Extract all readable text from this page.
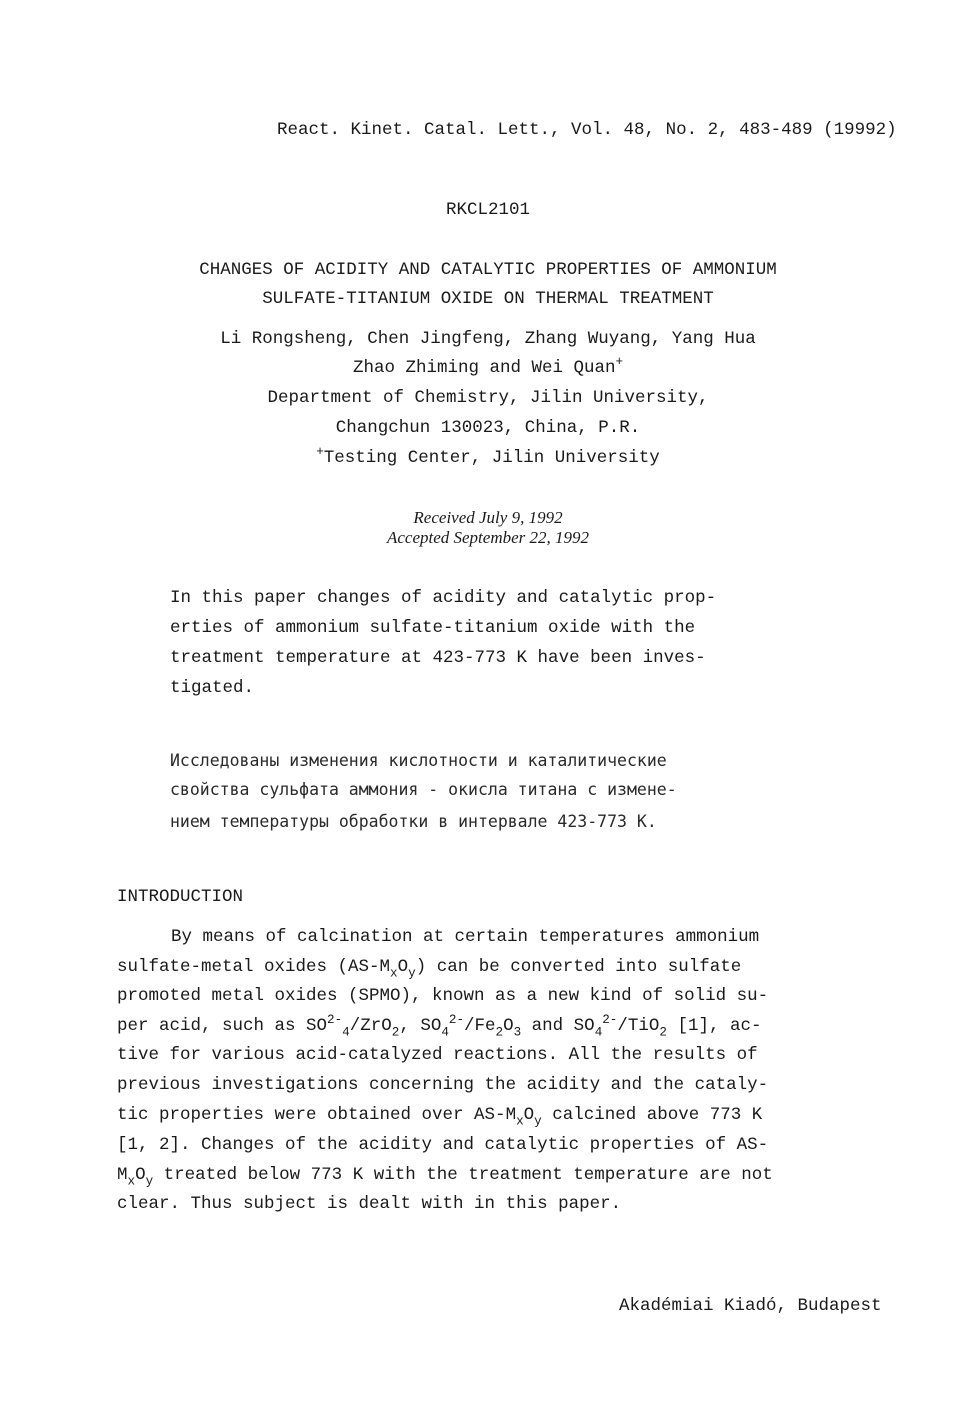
React. Kinet. Catal. Lett., Vol. 48, No. 2, 483-489 (19992)
RKCL2101
CHANGES OF ACIDITY AND CATALYTIC PROPERTIES OF AMMONIUM
SULFATE-TITANIUM OXIDE ON THERMAL TREATMENT
Li Rongsheng, Chen Jingfeng, Zhang Wuyang, Yang Hua
Zhao Zhiming and Wei Quan+
Department of Chemistry, Jilin University,
Changchun 130023, China, P.R.
+Testing Center, Jilin University
Received July 9, 1992
Accepted September 22, 1992
In this paper changes of acidity and catalytic prop-
erties of ammonium sulfate-titanium oxide with the
treatment temperature at 423-773 K have been inves-
tigated.
Исследованы изменения кислотности и каталитические
свойства сульфата аммония - окисла титана с измене-
нием температуры обработки в интервале 423-773 К.
INTRODUCTION
By means of calcination at certain temperatures ammonium
sulfate-metal oxides $(AS-M_xO_y)$ can be converted into sulfate
promoted metal oxides (SPMO), known as a new kind of solid su-
per acid, such as $SO^{2-}_4/ZrO_2$, $SO_4^{2-}/Fe_2O_3$ and $SO_4^{2-}/TiO_2$ [1], ac-
tive for various acid-catalyzed reactions. All the results of
previous investigations concerning the acidity and the cataly-
tic properties were obtained over $AS-M_xO_y$ calcined above 773 K
[1, 2]. Changes of the acidity and catalytic properties of AS-
$M_xO_y$ treated below 773 K with the treatment temperature are not
clear. Thus subject is dealt with in this paper.
Akadémiai Kiadó, Budapest
